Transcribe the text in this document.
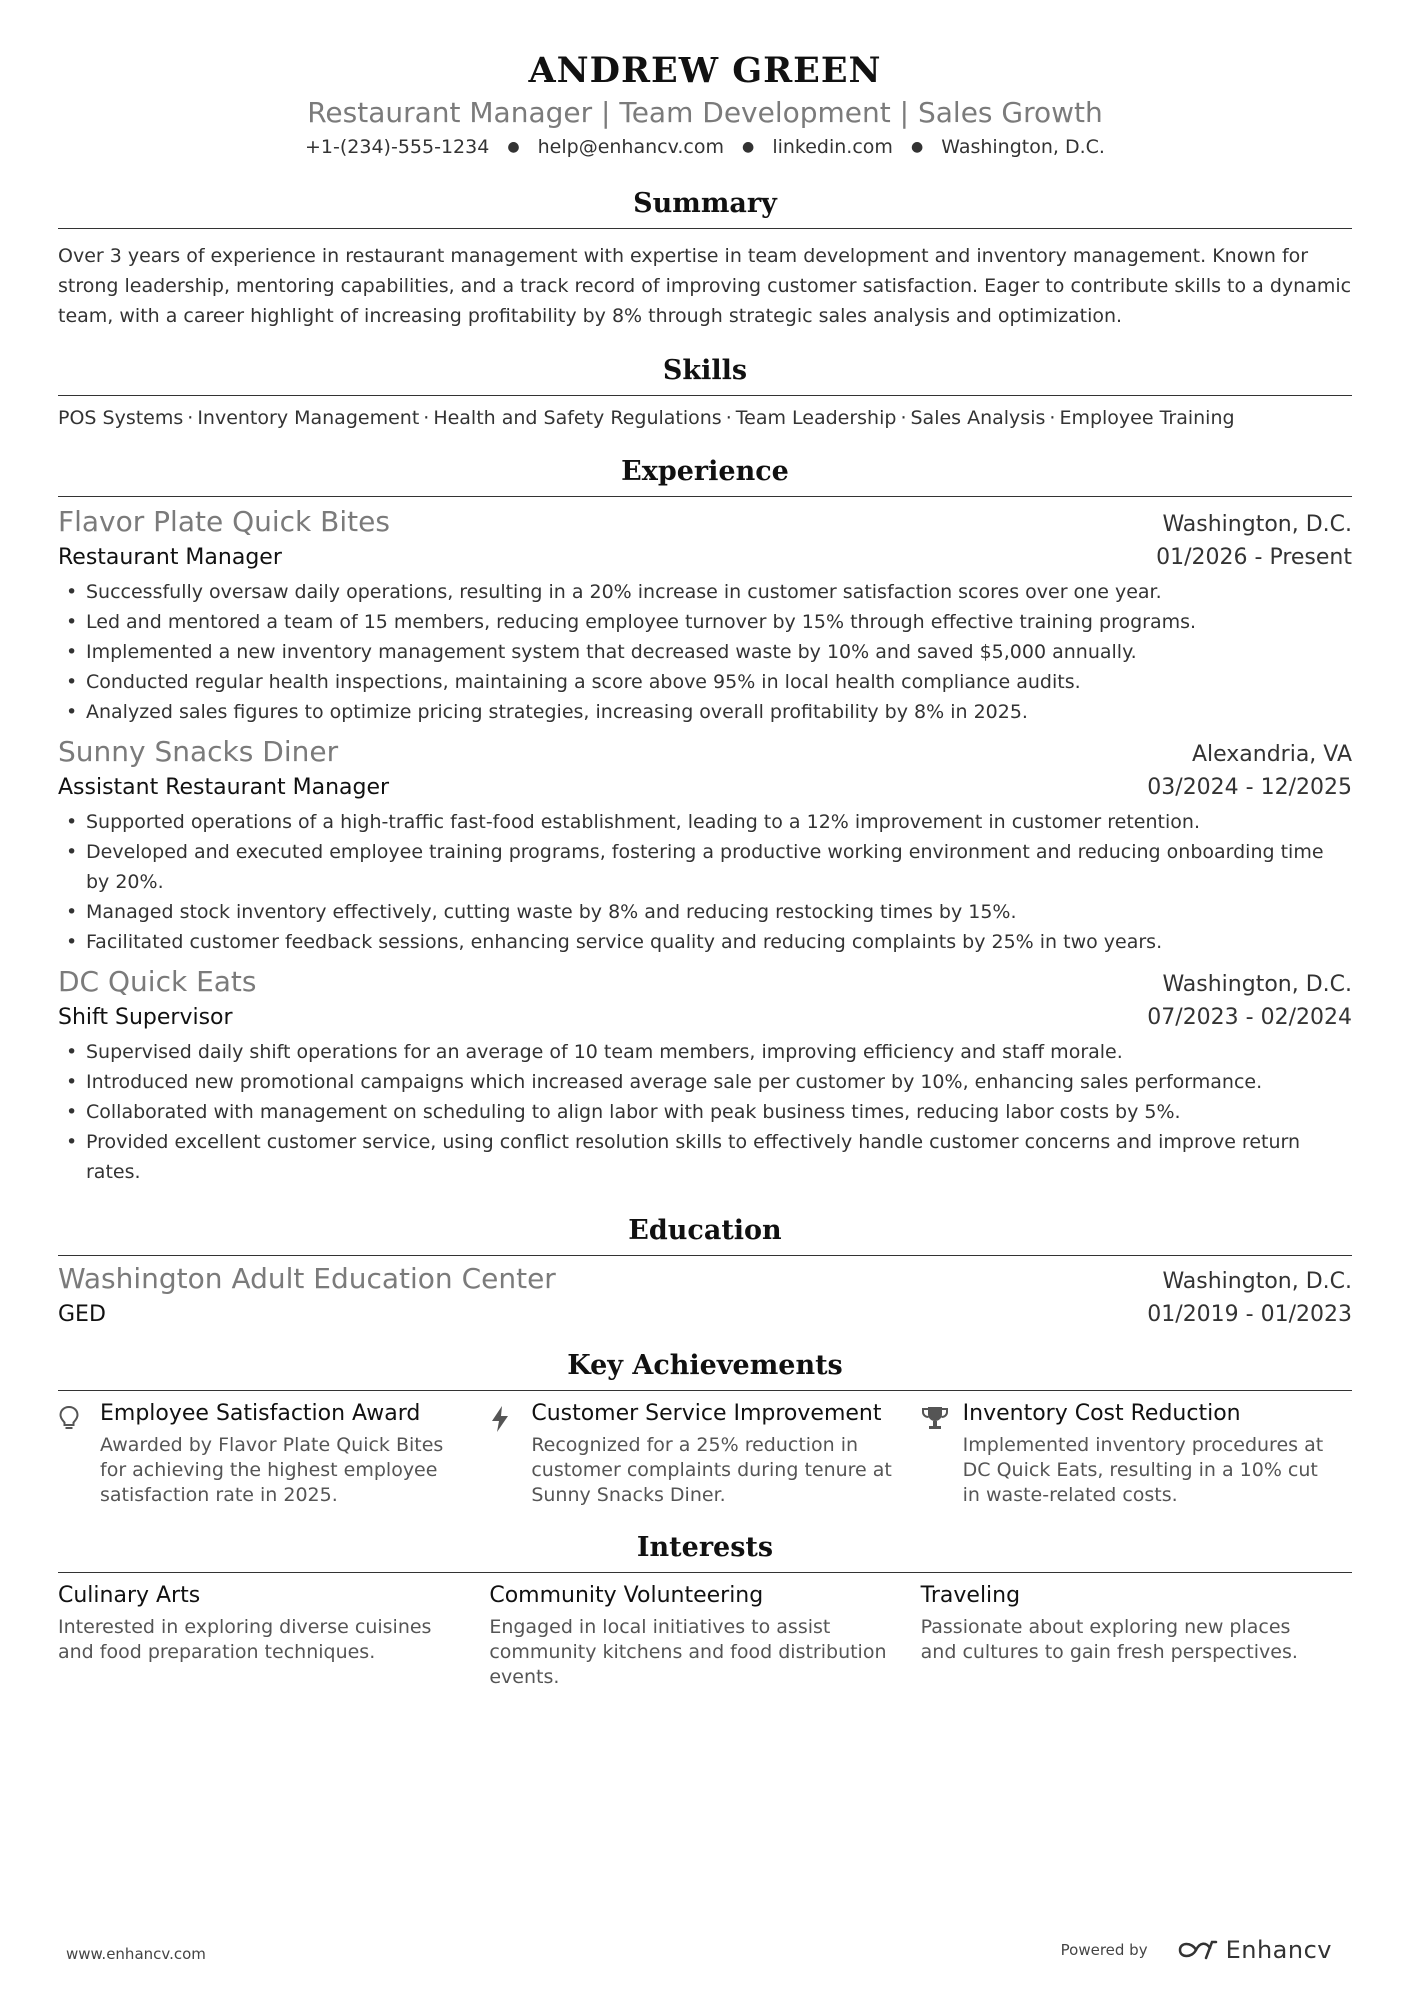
ANDREW GREEN
Restaurant Manager | Team Development | Sales Growth
+1-(234)-555-1234 ● help@enhancv.com ● linkedin.com ● Washington, D.C.
Summary
Over 3 years of experience in restaurant management with expertise in team development and inventory management. Known for strong leadership, mentoring capabilities, and a track record of improving customer satisfaction. Eager to contribute skills to a dynamic team, with a career highlight of increasing profitability by 8% through strategic sales analysis and optimization.
Skills
POS Systems · Inventory Management · Health and Safety Regulations · Team Leadership · Sales Analysis · Employee Training
Experience
Flavor Plate Quick Bites	Washington, D.C.
Restaurant Manager	01/2026 - Present
• Successfully oversaw daily operations, resulting in a 20% increase in customer satisfaction scores over one year.
• Led and mentored a team of 15 members, reducing employee turnover by 15% through effective training programs.
• Implemented a new inventory management system that decreased waste by 10% and saved $5,000 annually.
• Conducted regular health inspections, maintaining a score above 95% in local health compliance audits.
• Analyzed sales figures to optimize pricing strategies, increasing overall profitability by 8% in 2025.
Sunny Snacks Diner	Alexandria, VA
Assistant Restaurant Manager	03/2024 - 12/2025
• Supported operations of a high-traffic fast-food establishment, leading to a 12% improvement in customer retention.
• Developed and executed employee training programs, fostering a productive working environment and reducing onboarding time by 20%.
• Managed stock inventory effectively, cutting waste by 8% and reducing restocking times by 15%.
• Facilitated customer feedback sessions, enhancing service quality and reducing complaints by 25% in two years.
DC Quick Eats	Washington, D.C.
Shift Supervisor	07/2023 - 02/2024
• Supervised daily shift operations for an average of 10 team members, improving efficiency and staff morale.
• Introduced new promotional campaigns which increased average sale per customer by 10%, enhancing sales performance.
• Collaborated with management on scheduling to align labor with peak business times, reducing labor costs by 5%.
• Provided excellent customer service, using conflict resolution skills to effectively handle customer concerns and improve return rates.
Education
Washington Adult Education Center	Washington, D.C.
GED	01/2019 - 01/2023
Key Achievements
Employee Satisfaction Award
Awarded by Flavor Plate Quick Bites for achieving the highest employee satisfaction rate in 2025.
Customer Service Improvement
Recognized for a 25% reduction in customer complaints during tenure at Sunny Snacks Diner.
Inventory Cost Reduction
Implemented inventory procedures at DC Quick Eats, resulting in a 10% cut in waste-related costs.
Interests
Culinary Arts
Interested in exploring diverse cuisines and food preparation techniques.
Community Volunteering
Engaged in local initiatives to assist community kitchens and food distribution events.
Traveling
Passionate about exploring new places and cultures to gain fresh perspectives.
www.enhancv.com	Powered by	Enhancv
